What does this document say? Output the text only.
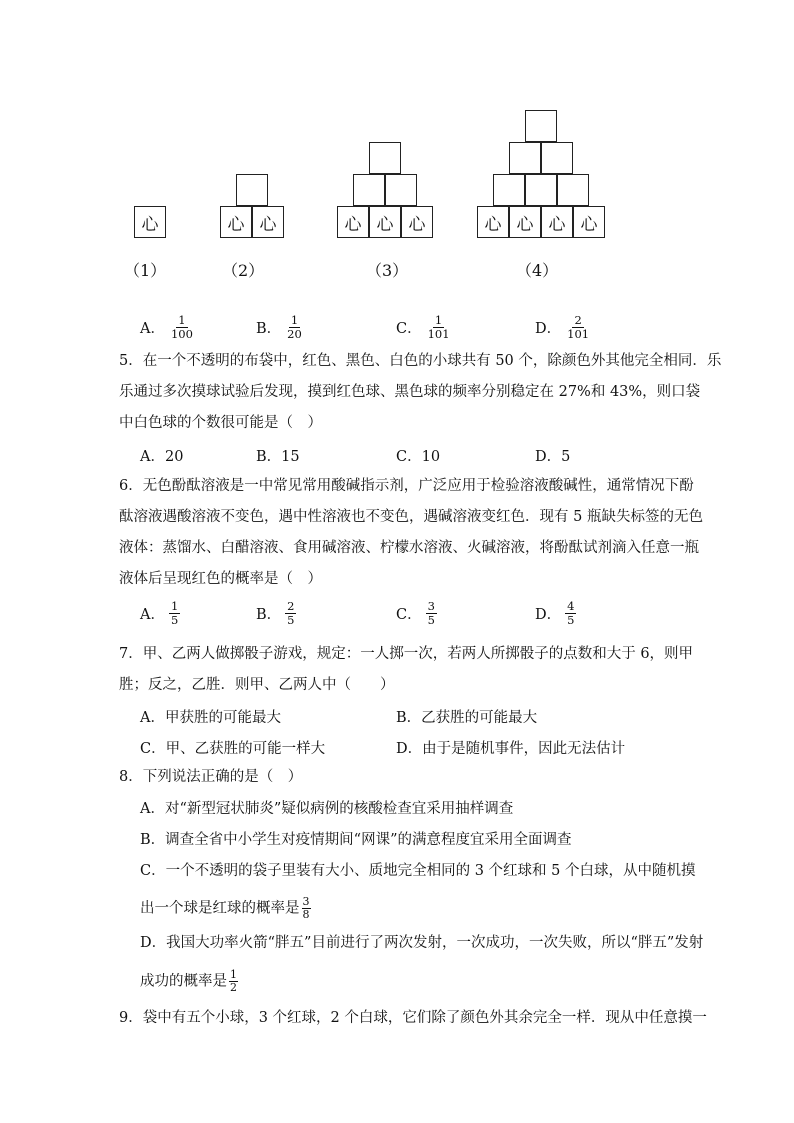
心	心 心	心 心 心	心 心 心 心
（1）	（2）	（3）	（4）
A． $\frac{1}{100}$	B． $\frac{1}{20}$	C． $\frac{1}{101}$	D． $\frac{2}{101}$
5．在一个不透明的布袋中，红色、黑色、白色的小球共有 50 个，除颜色外其他完全相同．乐
乐通过多次摸球试验后发现，摸到红色球、黑色球的频率分别稳定在 27%和 43%，则口袋
中白色球的个数很可能是（　）
A．20	B．15	C．10	D．5
6．无色酚酞溶液是一中常见常用酸碱指示剂，广泛应用于检验溶液酸碱性，通常情况下酚
酞溶液遇酸溶液不变色，遇中性溶液也不变色，遇碱溶液变红色．现有 5 瓶缺失标签的无色
液体：蒸馏水、白醋溶液、食用碱溶液、柠檬水溶液、火碱溶液，将酚酞试剂滴入任意一瓶
液体后呈现红色的概率是（　）
A． $\frac{1}{5}$	B． $\frac{2}{5}$	C． $\frac{3}{5}$	D． $\frac{4}{5}$
7．甲、乙两人做掷骰子游戏，规定：一人掷一次，若两人所掷骰子的点数和大于 6，则甲
胜；反之，乙胜．则甲、乙两人中（　　）
A．甲获胜的可能最大	B．乙获胜的可能最大
C．甲、乙获胜的可能一样大	D．由于是随机事件，因此无法估计
8．下列说法正确的是（　）
A．对“新型冠状肺炎”疑似病例的核酸检查宜采用抽样调查
B．调查全省中小学生对疫情期间“网课”的满意程度宜采用全面调查
C．一个不透明的袋子里装有大小、质地完全相同的 3 个红球和 5 个白球，从中随机摸
出一个球是红球的概率是 $\frac{3}{8}$
D．我国大功率火箭“胖五”目前进行了两次发射，一次成功，一次失败，所以“胖五”发射
成功的概率是 $\frac{1}{2}$
9．袋中有五个小球，3 个红球，2 个白球，它们除了颜色外其余完全一样．现从中任意摸一
